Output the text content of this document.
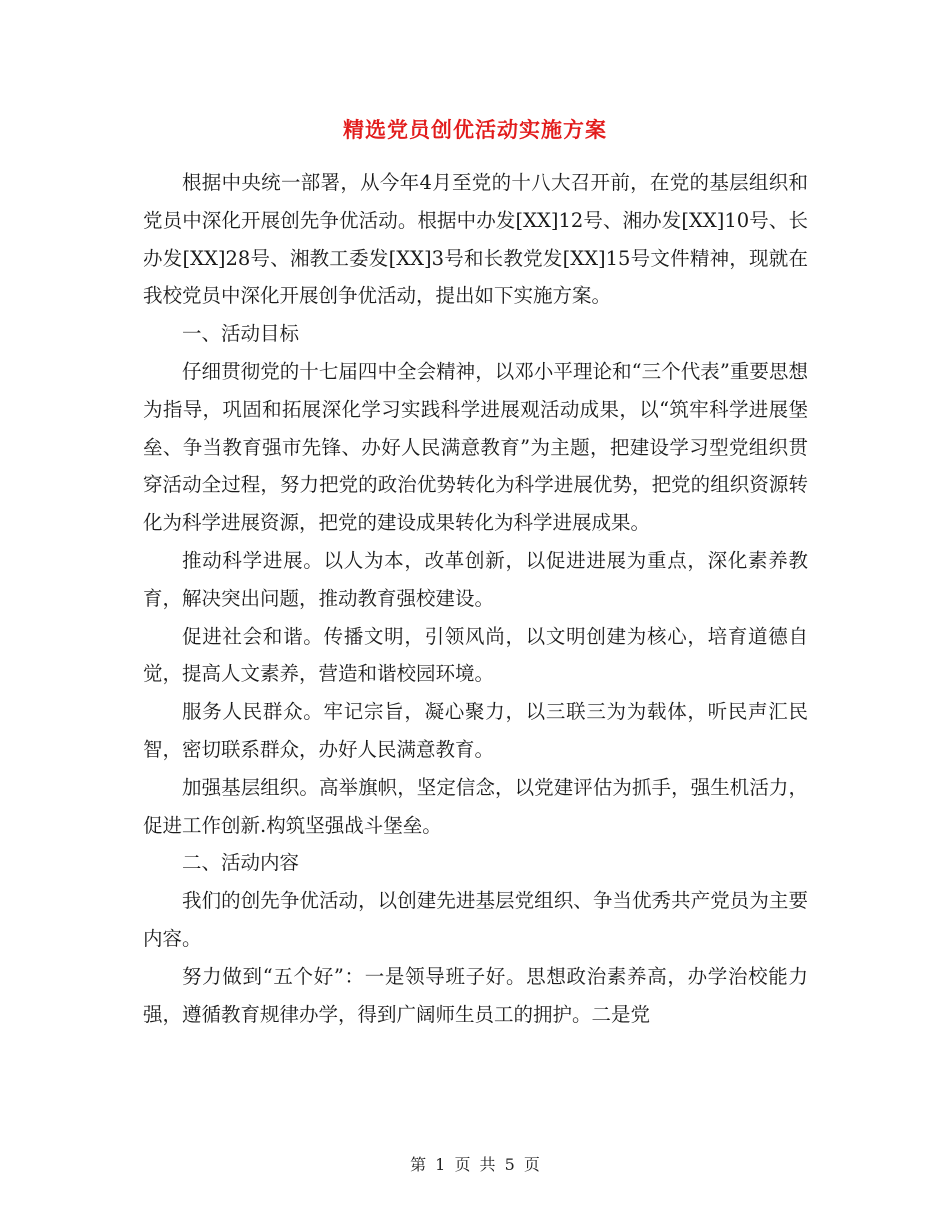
精选党员创优活动实施方案

根据中央统一部署，从今年4月至党的十八大召开前，在党的基层组织和党员中深化开展创先争优活动。根据中办发[XX]12号、湘办发[XX]10号、长办发[XX]28号、湘教工委发[XX]3号和长教党发[XX]15号文件精神，现就在我校党员中深化开展创争优活动，提出如下实施方案。

一、活动目标

仔细贯彻党的十七届四中全会精神，以邓小平理论和“三个代表”重要思想为指导，巩固和拓展深化学习实践科学进展观活动成果，以“筑牢科学进展堡垒、争当教育强市先锋、办好人民满意教育”为主题，把建设学习型党组织贯穿活动全过程，努力把党的政治优势转化为科学进展优势，把党的组织资源转化为科学进展资源，把党的建设成果转化为科学进展成果。

推动科学进展。以人为本，改革创新，以促进进展为重点，深化素养教育，解决突出问题，推动教育强校建设。

促进社会和谐。传播文明，引领风尚，以文明创建为核心，培育道德自觉，提高人文素养，营造和谐校园环境。

服务人民群众。牢记宗旨，凝心聚力，以三联三为为载体，听民声汇民智，密切联系群众，办好人民满意教育。

加强基层组织。高举旗帜，坚定信念，以党建评估为抓手，强生机活力，促进工作创新.构筑坚强战斗堡垒。

二、活动内容

我们的创先争优活动，以创建先进基层党组织、争当优秀共产党员为主要内容。

努力做到“五个好”：一是领导班子好。思想政治素养高，办学治校能力强，遵循教育规律办学，得到广阔师生员工的拥护。二是党

第 1 页 共 5 页
